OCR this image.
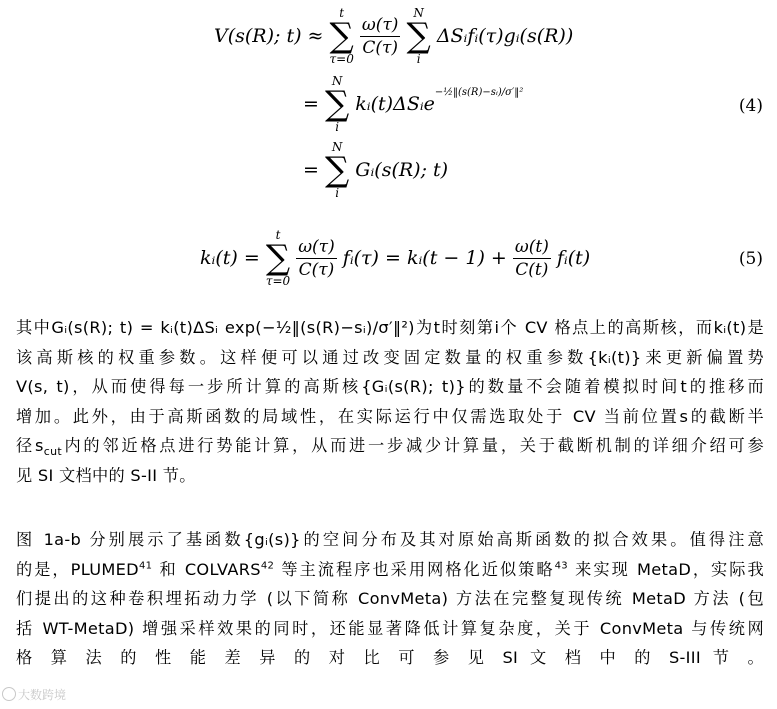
V(s(R); t) ≈
t
∑
τ=0

$\frac{\omega(\tau)}{C(\tau)}$

N
∑
i
ΔSᵢfᵢ(τ)gᵢ(s(R))
=
N
∑
i
kᵢ(t)ΔSᵢe$^{-\frac{1}{2}‖(s(R)-sᵢ)/\sigma'‖^2}$
(4)
=
N
∑
i
Gᵢ(s(R); t)
kᵢ(t) =
t
∑
τ=0

$\frac{\omega(\tau)}{C(\tau)}$ fᵢ(τ) = kᵢ(t − $1) + \frac{\omega(t)}{C(t)}$ fᵢ(t)	(5)
其中Gᵢ(s(R); t) = kᵢ(t)ΔSᵢ exp(−½‖(s(R)−sᵢ)/σ′‖²)为t时刻第i个 CV 格点上的高斯核，而kᵢ(t)是
该高斯核的权重参数。这样便可以通过改变固定数量的权重参数{kᵢ(t)}来更新偏置势
V(s, t)，从而使得每一步所计算的高斯核{Gᵢ(s(R); t)}的数量不会随着模拟时间t的推移而
增加。此外，由于高斯函数的局域性，在实际运行中仅需选取处于 CV 当前位置s的截断半
径$s_{cut}$内的邻近格点进行势能计算，从而进一步减少计算量，关于截断机制的详细介绍可参
见 SI 文档中的 S-II 节。
图 1a-b 分别展示了基函数{gᵢ(s)}的空间分布及其对原始高斯函数的拟合效果。值得注意
的是，PLUMED$^{41}$ 和 COLVARS$^{42}$ 等主流程序也采用网格化近似策略$^{43}$ 来实现 MetaD，实际我
们提出的这种卷积埋拓动力学 (以下简称 ConvMeta) 方法在完整复现传统 MetaD 方法 (包
括 WT-MetaD) 增强采样效果的同时，还能显著降低计算复杂度，关于 ConvMeta 与传统网
格 算 法 的 性 能 差 异 的 对 比 可 参 见 SI 文 档 中 的 S-III 节 。
大数跨境
